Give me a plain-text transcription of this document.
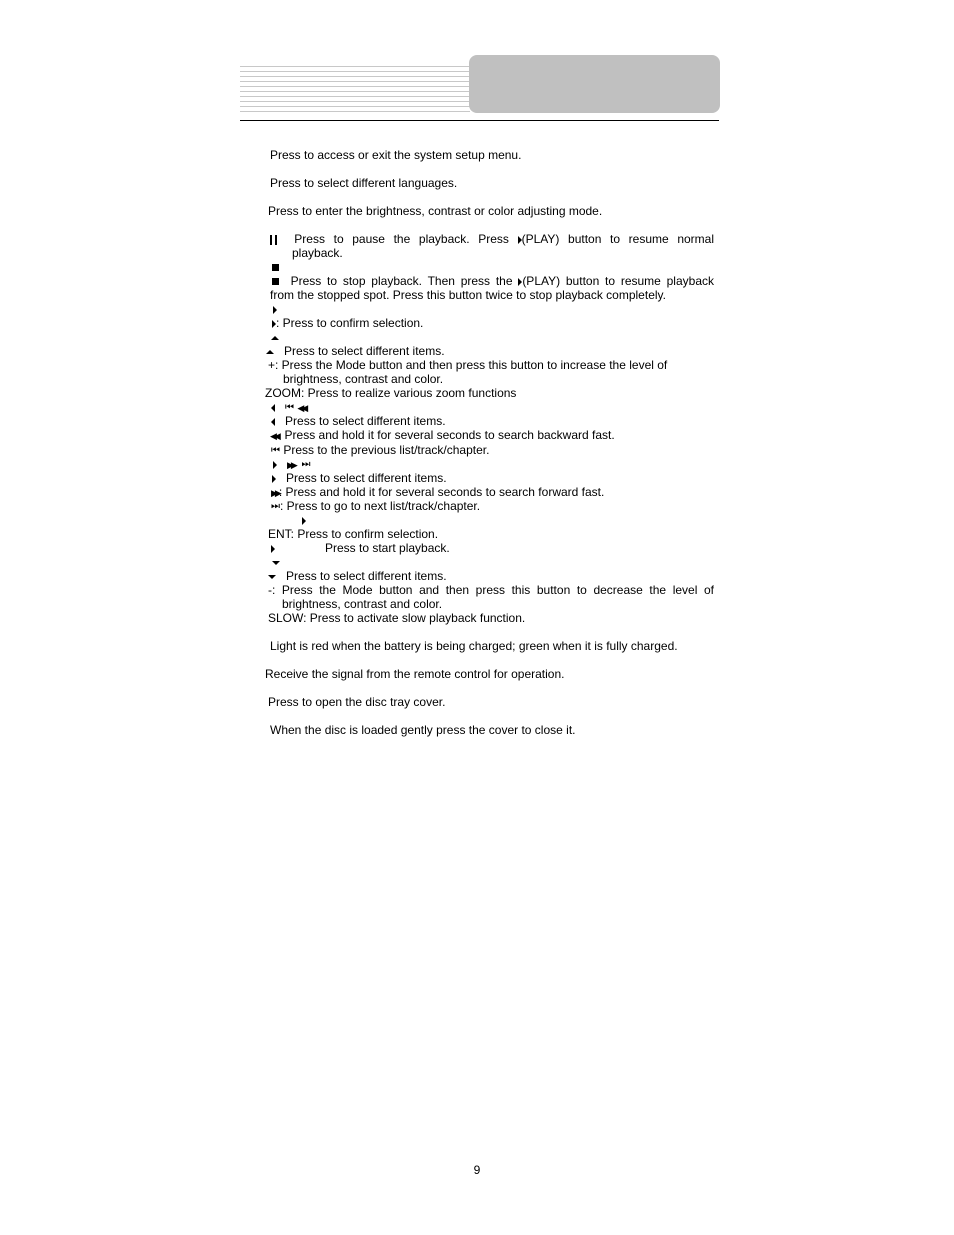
Press to access or exit the system setup menu.
Press to select different languages.
Press to enter the brightness, contrast or color adjusting mode.
Press to pause the playback. Press (PLAY) button to resume normal
playback.
Press to stop playback. Then press the (PLAY) button to resume playback
from the stopped spot. Press this button twice to stop playback completely.
: Press to confirm selection.
Press to select different items.
+: Press the Mode button and then press this button to increase the level of
brightness, contrast and color.
ZOOM: Press to realize various zoom functions
⏮ ◀◀
Press to select different items.
◀◀ Press and hold it for several seconds to search backward fast.
⏮ Press to the previous list/track/chapter.
▶▶ ⏭
Press to select different items.
▶▶: Press and hold it for several seconds to search forward fast.
⏭: Press to go to next list/track/chapter.
ENT: Press to confirm selection.
Press to start playback.
Press to select different items.
-: Press the Mode button and then press this button to decrease the level of
brightness, contrast and color.
SLOW: Press to activate slow playback function.
Light is red when the battery is being charged; green when it is fully charged.
Receive the signal from the remote control for operation.
Press to open the disc tray cover.
When the disc is loaded gently press the cover to close it.
9
